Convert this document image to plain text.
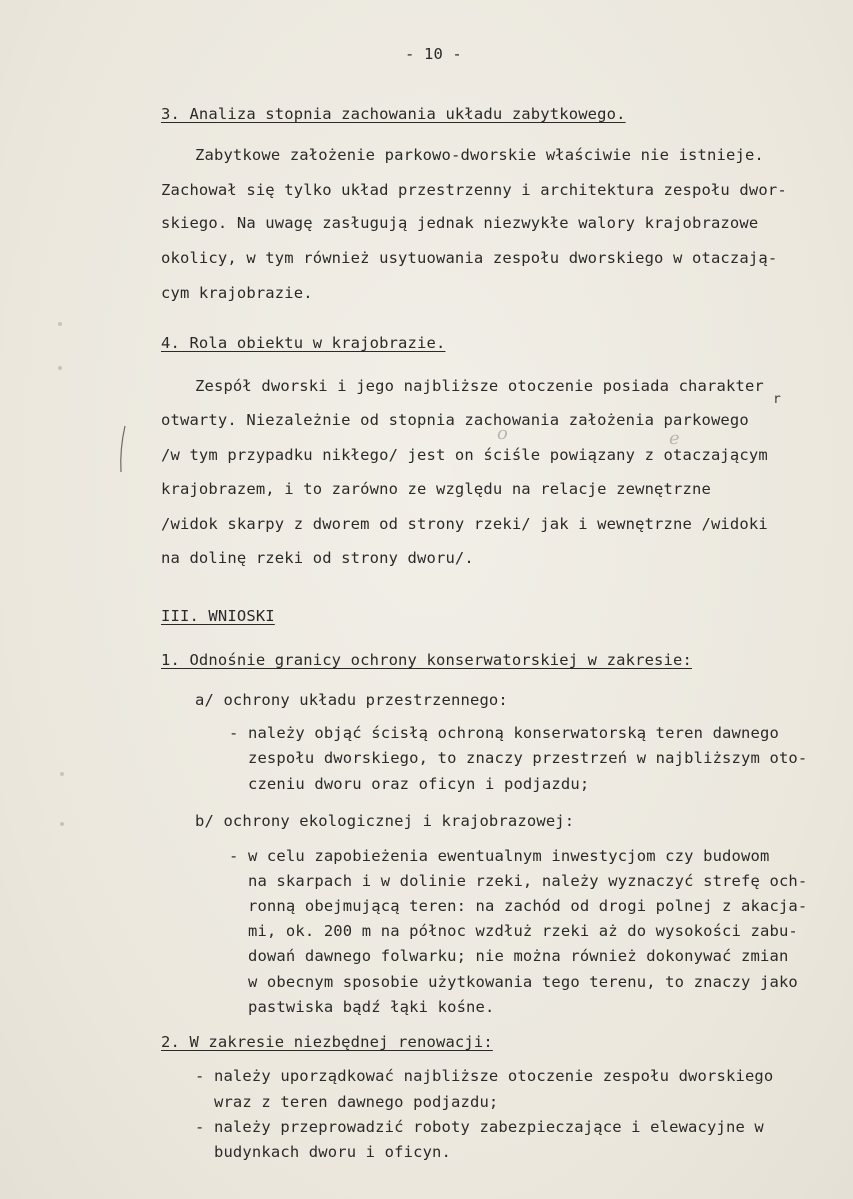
- 10 -
3. Analiza stopnia zachowania układu zabytkowego.
Zabytkowe założenie parkowo-dworskie właściwie nie istnieje.
Zachował się tylko układ przestrzenny i architektura zespołu dwor-
skiego. Na uwagę zasługują jednak niezwykłe walory krajobrazowe
okolicy, w tym również usytuowania zespołu dworskiego w otaczają-
cym krajobrazie.
4. Rola obiektu w krajobrazie.
Zespół dworski i jego najbliższe otoczenie posiada charakter
r
otwarty. Niezależnie od stopnia zachowania założenia parkowego
/w tym przypadku nikłego/ jest on ściśle powiązany z otaczającym
o	e
krajobrazem, i to zarówno ze względu na relacje zewnętrzne
/widok skarpy z dworem od strony rzeki/ jak i wewnętrzne /widoki
na dolinę rzeki od strony dworu/.
III. WNIOSKI
1. Odnośnie granicy ochrony konserwatorskiej w zakresie:
a/ ochrony układu przestrzennego:
- należy objąć ścisłą ochroną konserwatorską teren dawnego
zespołu dworskiego, to znaczy przestrzeń w najbliższym oto-
czeniu dworu oraz oficyn i podjazdu;
b/ ochrony ekologicznej i krajobrazowej:
- w celu zapobieżenia ewentualnym inwestycjom czy budowom
na skarpach i w dolinie rzeki, należy wyznaczyć strefę och-
ronną obejmującą teren: na zachód od drogi polnej z akacja-
mi, ok. 200 m na północ wzdłuż rzeki aż do wysokości zabu-
dowań dawnego folwarku; nie można również dokonywać zmian
w obecnym sposobie użytkowania tego terenu, to znaczy jako
pastwiska bądź łąki kośne.
2. W zakresie niezbędnej renowacji:
- należy uporządkować najbliższe otoczenie zespołu dworskiego
wraz z teren dawnego podjazdu;
- należy przeprowadzić roboty zabezpieczające i elewacyjne w
budynkach dworu i oficyn.
